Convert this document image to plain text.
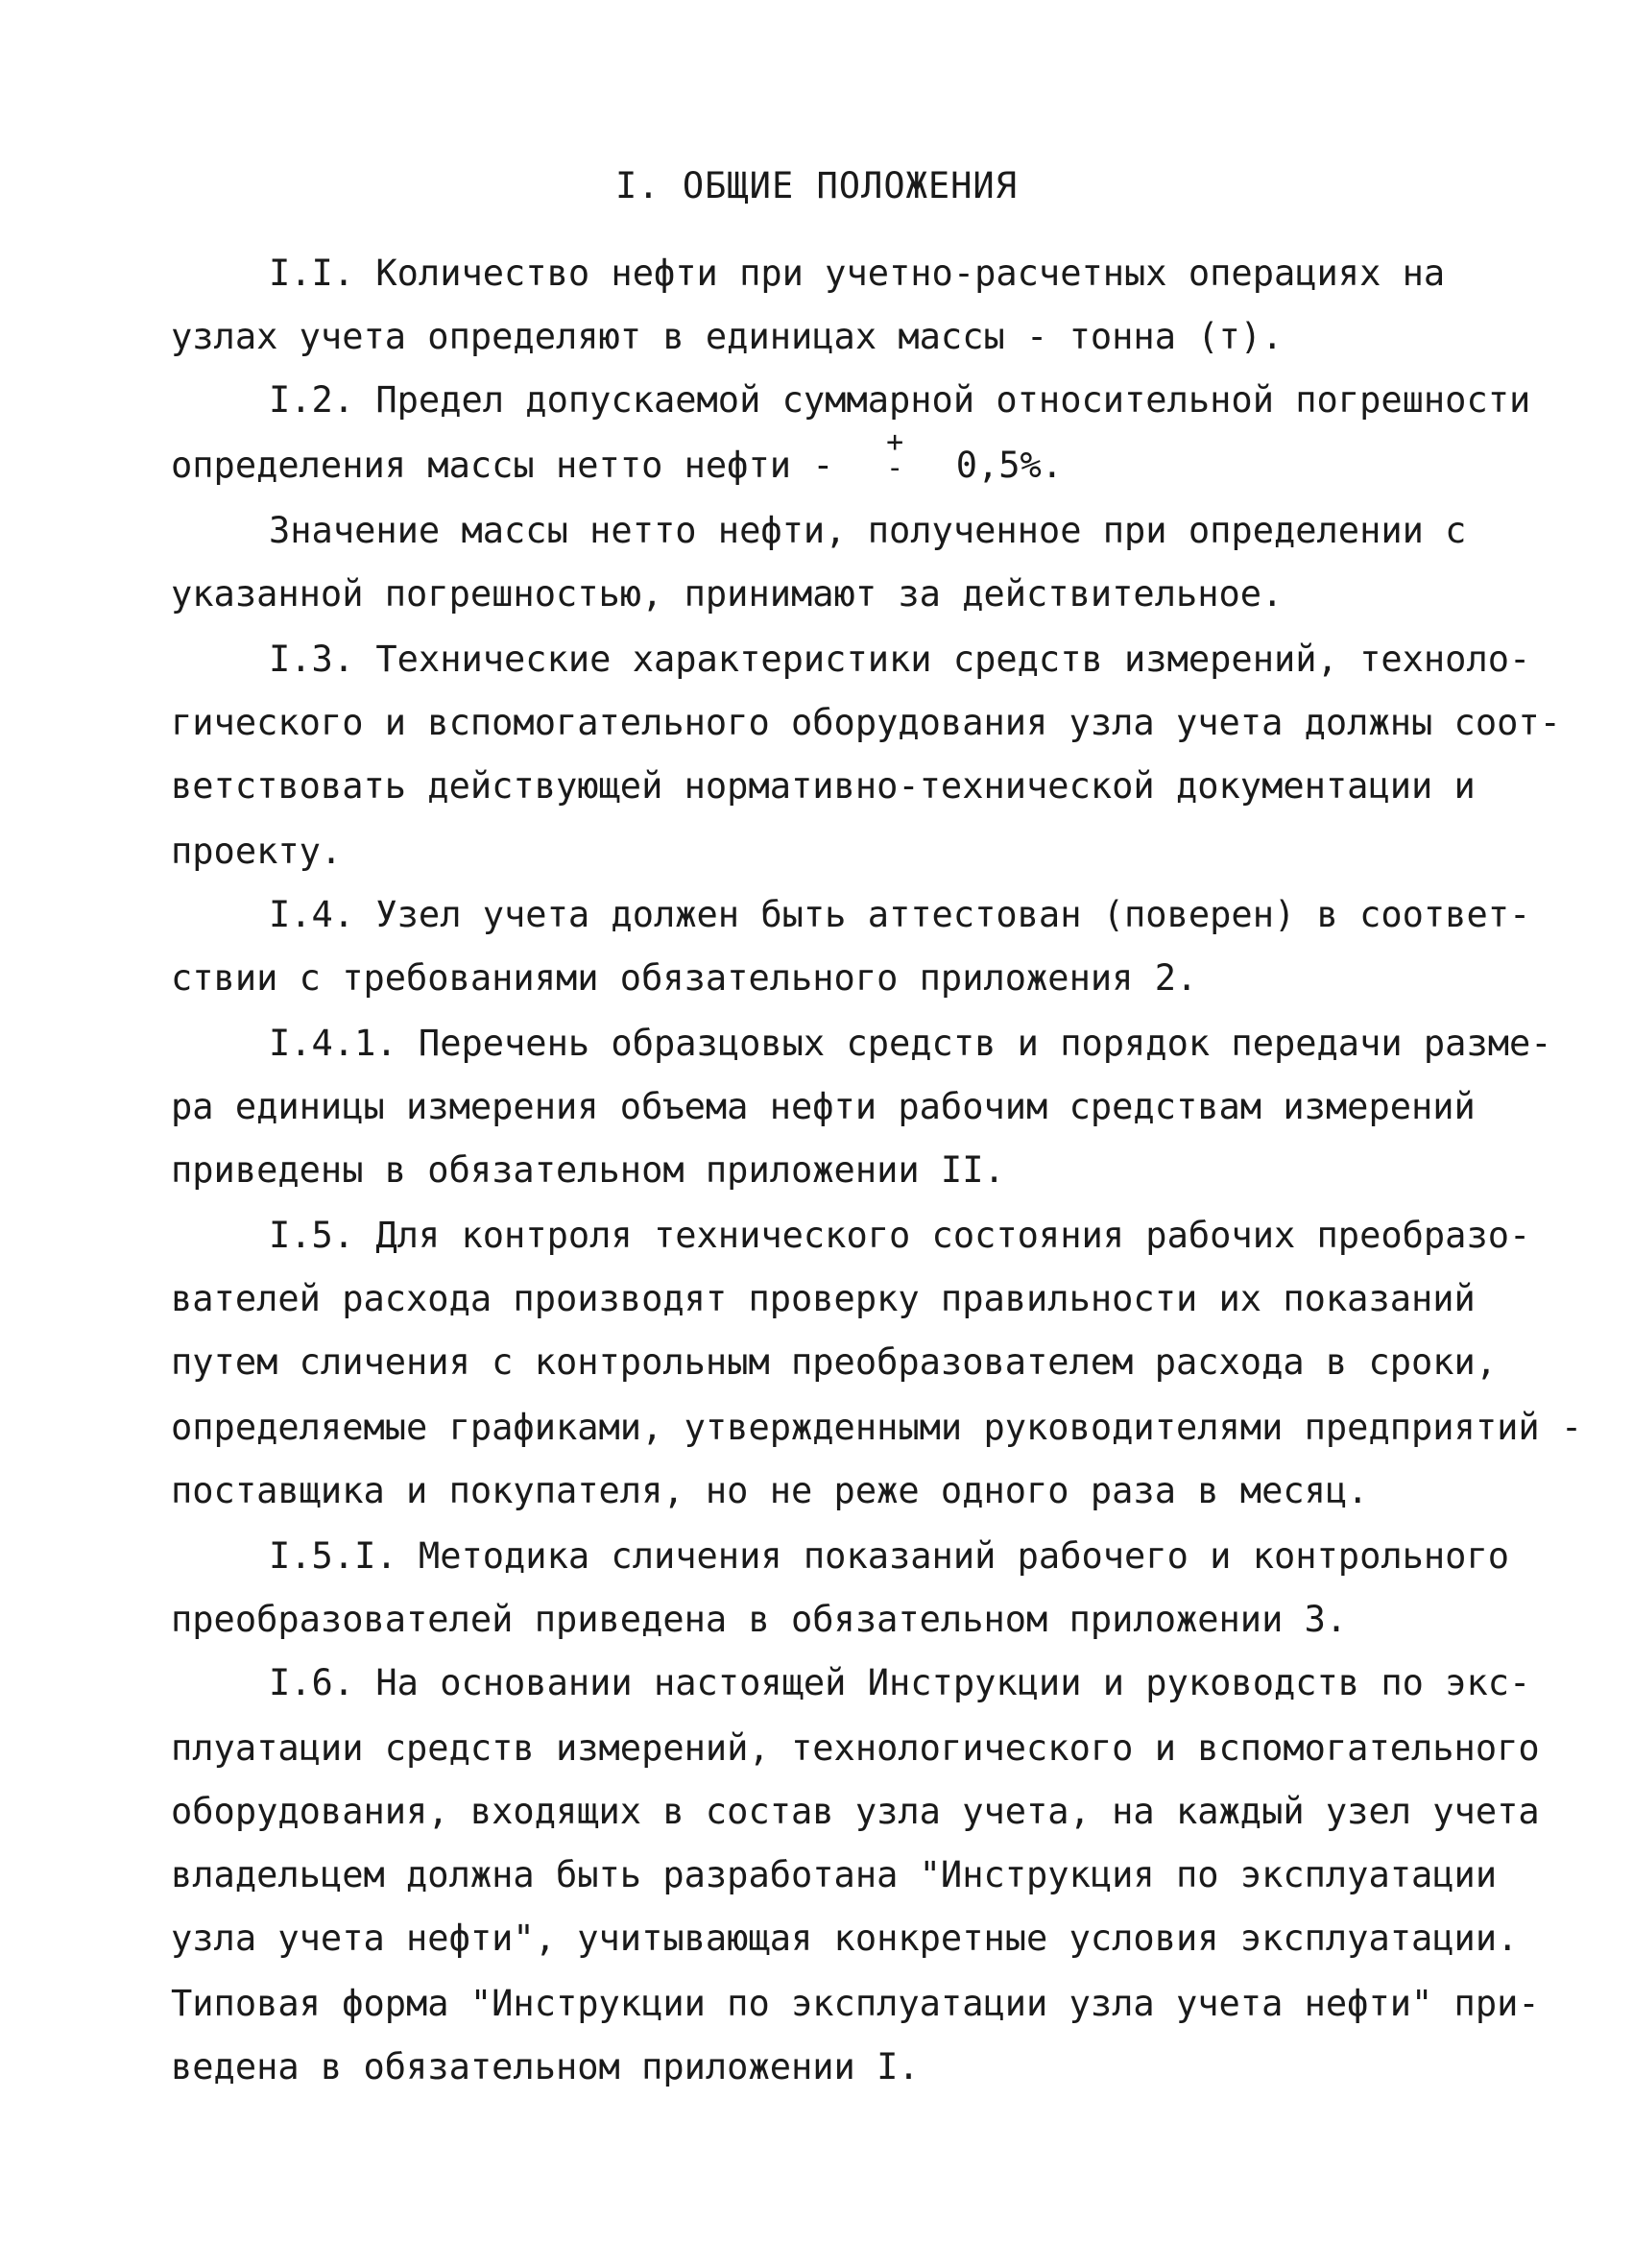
I. ОБЩИЕ ПОЛОЖЕНИЯ
I.I. Количество нефти при учетно-расчетных операциях на
узлах учета определяют в единицах массы - тонна (т).
I.2. Предел допускаемой суммарной относительной погрешности
определения массы нетто нефти -
+
- 0,5%.
Значение массы нетто нефти, полученное при определении с
указанной погрешностью, принимают за действительное.
I.3. Технические характеристики средств измерений, техноло-
гического и вспомогательного оборудования узла учета должны соот-
ветствовать действующей нормативно-технической документации и
проекту.
I.4. Узел учета должен быть аттестован (поверен) в соответ-
ствии с требованиями обязательного приложения 2.
I.4.1. Перечень образцовых средств и порядок передачи разме-
ра единицы измерения объема нефти рабочим средствам измерений
приведены в обязательном приложении II.
I.5. Для контроля технического состояния рабочих преобразо-
вателей расхода производят проверку правильности их показаний
путем сличения с контрольным преобразователем расхода в сроки,
определяемые графиками, утвержденными руководителями предприятий -
поставщика и покупателя, но не реже одного раза в месяц.
I.5.I. Методика сличения показаний рабочего и контрольного
преобразователей приведена в обязательном приложении 3.
I.6. На основании настоящей Инструкции и руководств по экс-
плуатации средств измерений, технологического и вспомогательного
оборудования, входящих в состав узла учета, на каждый узел учета
владельцем должна быть разработана "Инструкция по эксплуатации
узла учета нефти", учитывающая конкретные условия эксплуатации.
Типовая форма "Инструкции по эксплуатации узла учета нефти" при-
ведена в обязательном приложении I.
